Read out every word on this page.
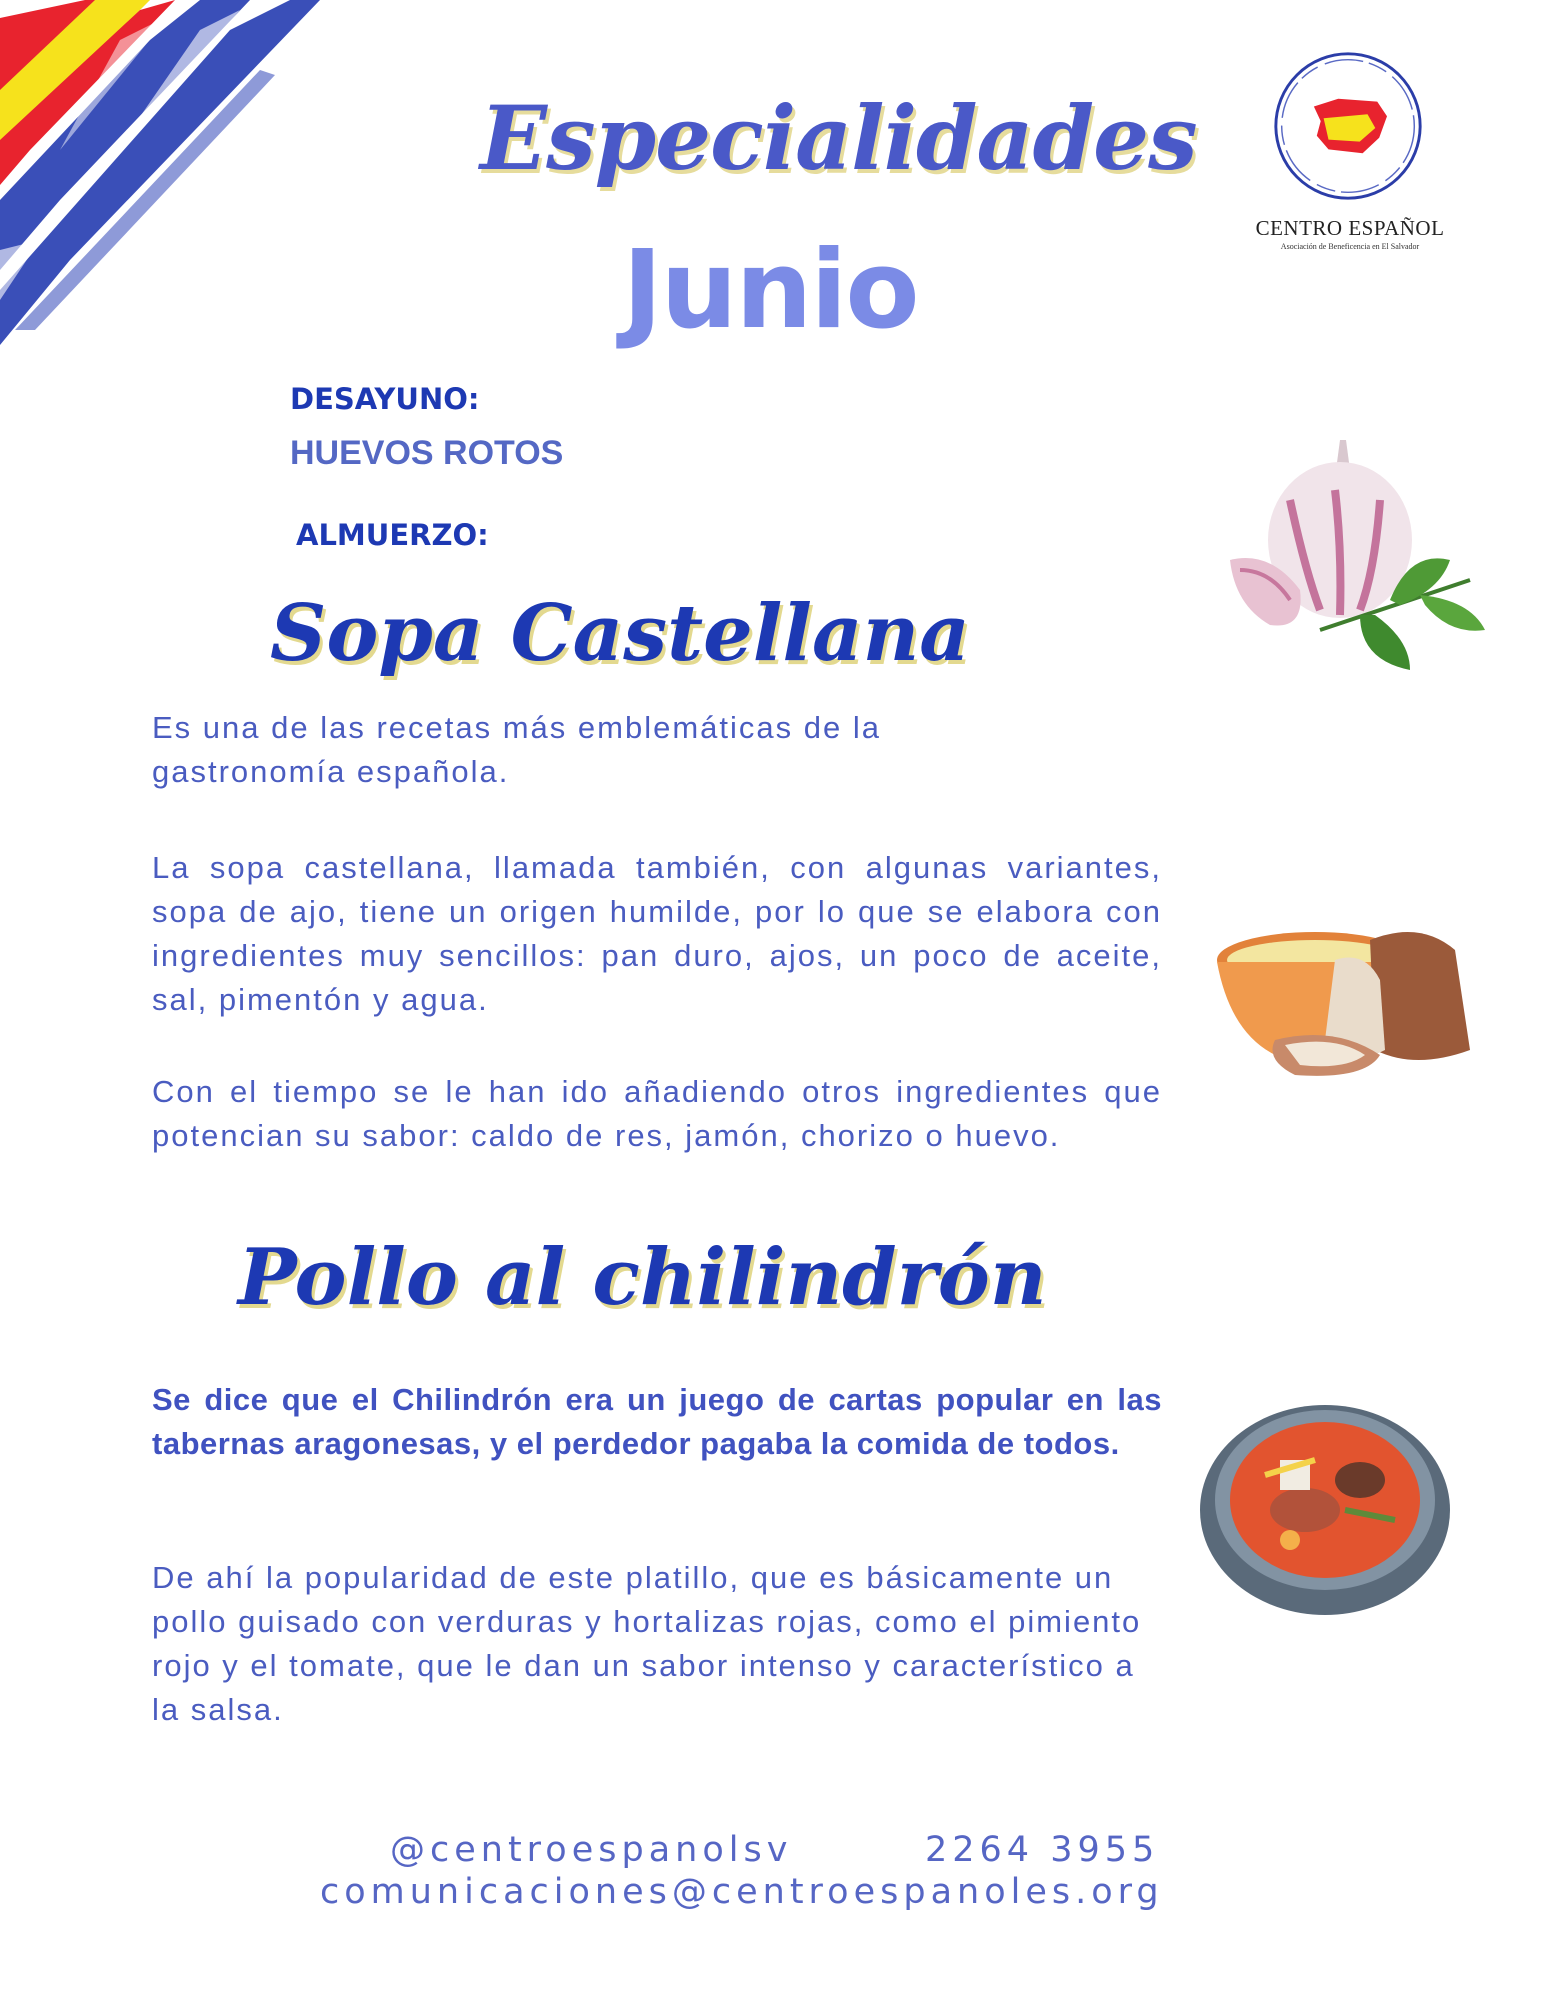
Especialidades
Junio	CENTRO ESPAÑOL
Asociación de Beneficencia en El Salvador
DESAYUNO:
HUEVOS ROTOS
ALMUERZO:
Sopa Castellana

Es una de las recetas más emblemáticas de la gastronomía española.

La sopa castellana, llamada también, con algunas variantes, sopa de ajo, tiene un origen humilde, por lo que se elabora con ingredientes muy sencillos: pan duro, ajos, un poco de aceite, sal, pimentón y agua.

Con el tiempo se le han ido añadiendo otros ingredientes que potencian su sabor: caldo de res, jamón, chorizo o huevo.

Pollo al chilindrón

Se dice que el Chilindrón era un juego de cartas popular en las tabernas aragonesas, y el perdedor pagaba la comida de todos.

De ahí la popularidad de este platillo, que es básicamente un pollo guisado con verduras y hortalizas rojas, como el pimiento rojo y el tomate, que le dan un sabor intenso y característico a la salsa.

@centroespanolsv	2264 3955
comunicaciones@centroespanoles.org
